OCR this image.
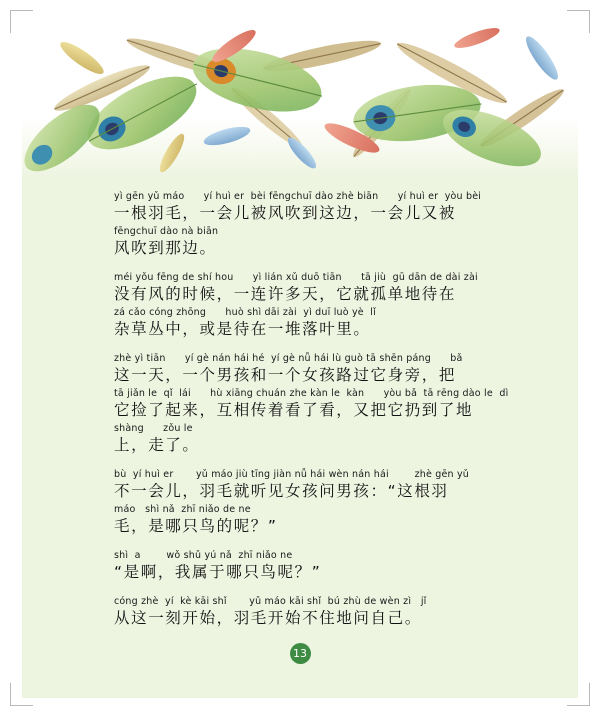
yì gēn yǔ máo      yí huì er  bèi fēngchuī dào zhè biān      yí huì er  yòu bèi
一根羽毛，一会儿被风吹到这边，一会儿又被
fēngchuī dào nà biān
风吹到那边。
méi yǒu fēng de shí hou      yì lián xǔ duō tiān      tā jiù  gū dān de dài zài
没有风的时候，一连许多天，它就孤单地待在
zá cǎo cóng zhōng      huò shì dāi zài  yì duī luò yè  lǐ
杂草丛中，或是待在一堆落叶里。
zhè yì tiān      yí gè nán hái hé  yí gè nǚ hái lù guò tā shēn páng      bǎ
这一天，一个男孩和一个女孩路过它身旁，把
tā jiǎn le  qǐ  lái      hù xiāng chuán zhe kàn le  kàn      yòu bǎ  tā rēng dào le  dì
它捡了起来，互相传着看了看，又把它扔到了地
shàng      zǒu le
上，走了。
bù  yí huì er       yǔ máo jiù tīng jiàn nǚ hái wèn nán hái        zhè gēn yǔ
不一会儿，羽毛就听见女孩问男孩：“这根羽
máo   shì nǎ  zhī niǎo de ne
毛，是哪只鸟的呢？”
shì  a        wǒ shǔ yú nǎ  zhī niǎo ne
“是啊，我属于哪只鸟呢？”
cóng zhè  yí  kè kāi shǐ       yǔ máo kāi shǐ  bú zhù de wèn zì   jǐ
从这一刻开始，羽毛开始不住地问自己。
13
